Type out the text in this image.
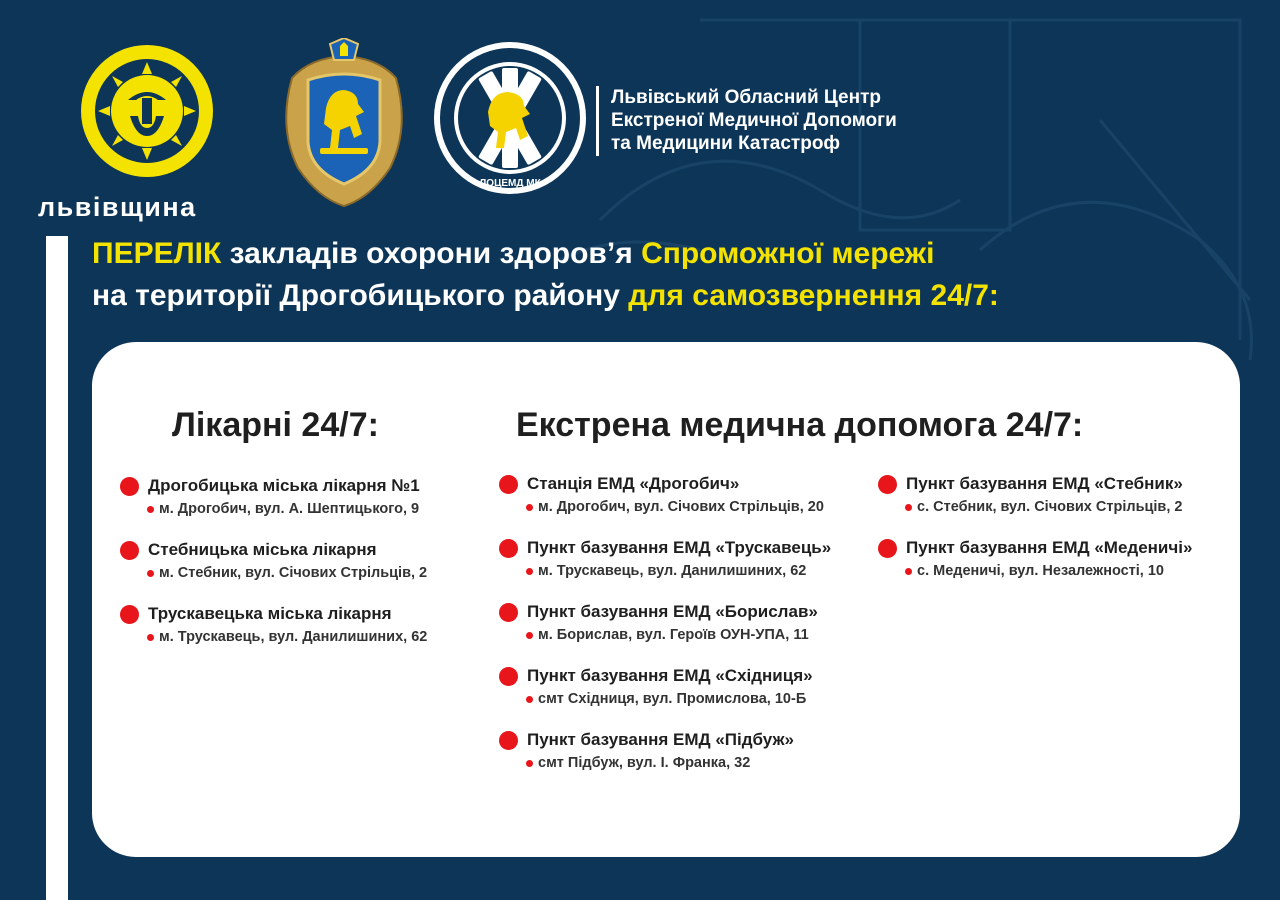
львівщина
ЛОЦЕМД МК
Львівський Обласний Центр
Екстреної Медичної Допомоги
та Медицини Катастроф
ПЕРЕЛІК закладів охорони здоров’я Спроможної мережі
на території Дрогобицького району для самозвернення 24/7:
Лікарні 24/7:	Екстрена медична допомога 24/7:
Дрогобицька міська лікарня №1
м. Дрогобич, вул. А. Шептицького, 9
Стебницька міська лікарня
м. Стебник, вул. Січових Стрільців, 2
Трускавецька міська лікарня
м. Трускавець, вул. Данилишиних, 62
Станція ЕМД «Дрогобич»
м. Дрогобич, вул. Січових Стрільців, 20
Пункт базування ЕМД «Трускавець»
м. Трускавець, вул. Данилишиних, 62
Пункт базування ЕМД «Борислав»
м. Борислав, вул. Героїв ОУН-УПА, 11
Пункт базування ЕМД «Східниця»
смт Східниця, вул. Промислова, 10-Б
Пункт базування ЕМД «Підбуж»
смт Підбуж, вул. І. Франка, 32
Пункт базування ЕМД «Стебник»
с. Стебник, вул. Січових Стрільців, 2
Пункт базування ЕМД «Меденичі»
с. Меденичі, вул. Незалежності, 10
